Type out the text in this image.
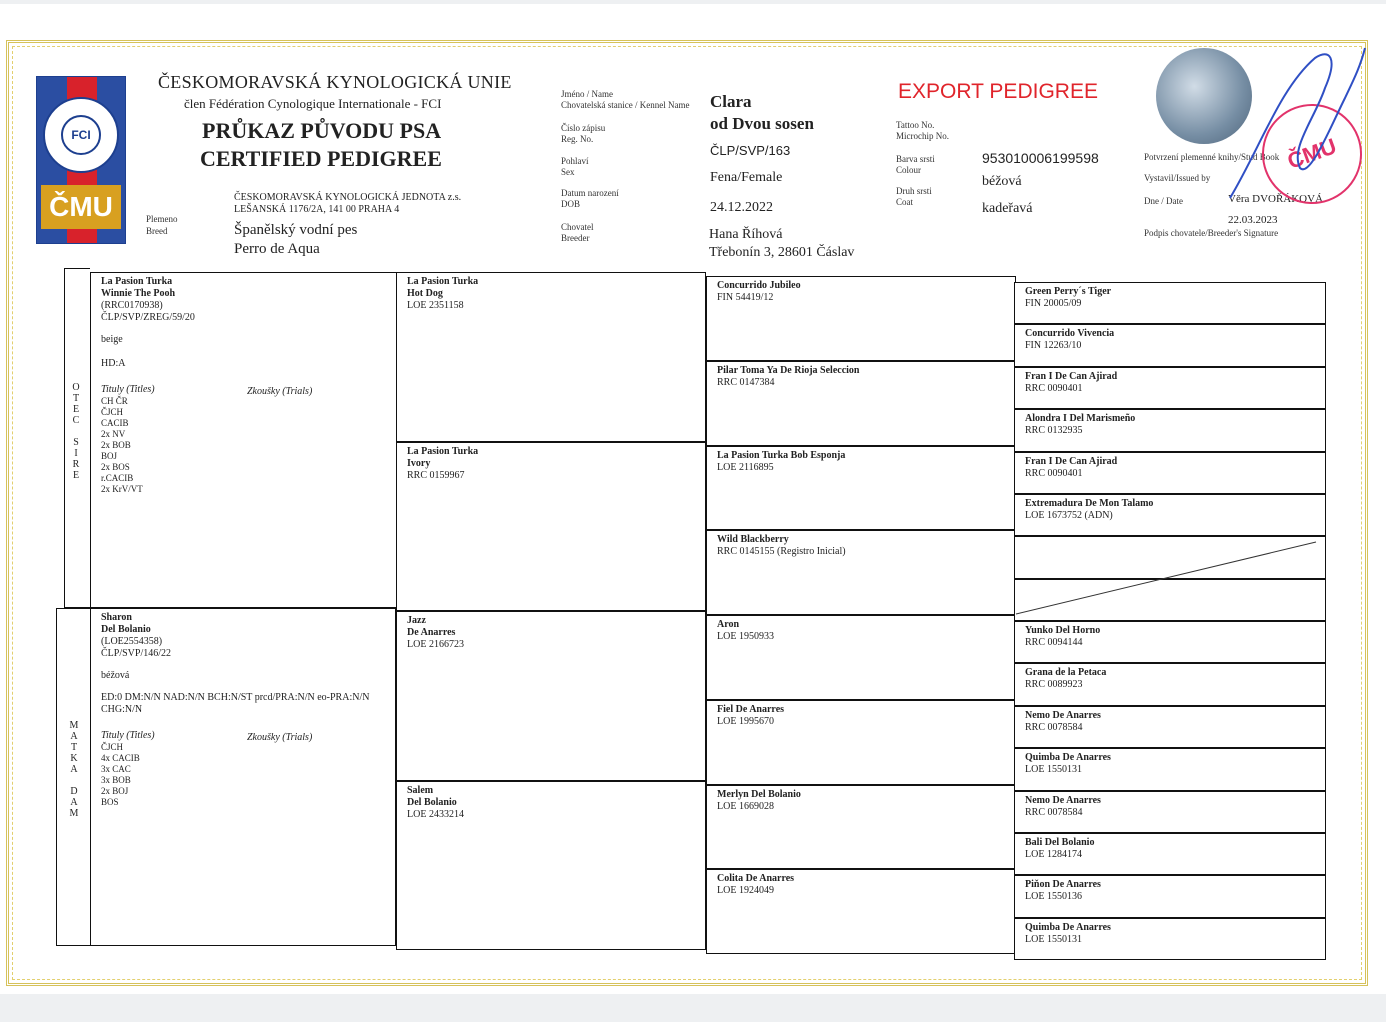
FCI
ČMU
ČESKOMORAVSKÁ KYNOLOGICKÁ UNIE
člen Fédération Cynologique Internationale - FCI
PRŮKAZ PŮVODU PSA
CERTIFIED PEDIGREE
ČESKOMORAVSKÁ KYNOLOGICKÁ JEDNOTA z.s.
LEŠANSKÁ 1176/2A, 141 00 PRAHA 4
Plemeno
Breed	Španělský vodní pes
Perro de Aqua
Jméno / Name
Chovatelská stanice / Kennel Name Clara
od Dvou sosen
Číslo zápisu
Reg. No.
ČLP/SVP/163
Pohlaví
Sex	Fena/Female
Datum narození
DOB	24.12.2022
Chovatel
Breeder	Hana Říhová
Třebonín 3, 28601 Čáslav
EXPORT PEDIGREE
Tattoo No.
Microchip No.
953010006199598
Barva srsti
Colour
béžová
Druh srsti
Coat	kadeřavá
Potvrzení plemenné knihy/Stud Book
Vystavil/Issued by
Dne / Date	Věra DVOŘÁKOVÁ
22.03.2023
Podpis chovatele/Breeder's Signature
ČMU
O
T
E
C

S
I
R
E
M
A
T
K
A

D
A
M
La Pasion Turka
Winnie The Pooh
(RRC0170938)
ČLP/SVP/ZREG/59/20
beige
HD:A
Tituly (Titles)	Zkoušky (Trials)
CH ČR
ČJCH
CACIB
2x NV
2x BOB
BOJ
2x BOS
r.CACIB
2x KrV/VT
Sharon
Del Bolanio
(LOE2554358)
ČLP/SVP/146/22
béžová
ED:0 DM:N/N NAD:N/N BCH:N/ST prcd/PRA:N/N eo-PRA:N/N CHG:N/N
Tituly (Titles)	Zkoušky (Trials)
ČJCH
4x CACIB
3x CAC
3x BOB
2x BOJ
BOS
La Pasion Turka
Hot Dog
LOE 2351158
La Pasion Turka
Ivory
RRC 0159967
Jazz
De Anarres
LOE 2166723
Salem
Del Bolanio
LOE 2433214
Concurrido Jubileo
FIN 54419/12
Pilar Toma Ya De Rioja Seleccion
RRC 0147384
La Pasion Turka Bob Esponja
LOE 2116895
Wild Blackberry
RRC 0145155 (Registro Inicial)
Aron
LOE 1950933
Fiel De Anarres
LOE 1995670
Merlyn Del Bolanio
LOE 1669028
Colita De Anarres
LOE 1924049
Green Perry´s Tiger
FIN 20005/09
Concurrido Vivencia
FIN 12263/10
Fran I De Can Ajirad
RRC 0090401
Alondra I Del Marismeño
RRC 0132935
Fran I De Can Ajirad
RRC 0090401
Extremadura De Mon Talamo
LOE 1673752 (ADN)
Yunko Del Horno
RRC 0094144
Grana de la Petaca
RRC 0089923
Nemo De Anarres
RRC 0078584
Quimba De Anarres
LOE 1550131
Nemo De Anarres
RRC 0078584
Bali Del Bolanio
LOE 1284174
Piňon De Anarres
LOE 1550136
Quimba De Anarres
LOE 1550131
